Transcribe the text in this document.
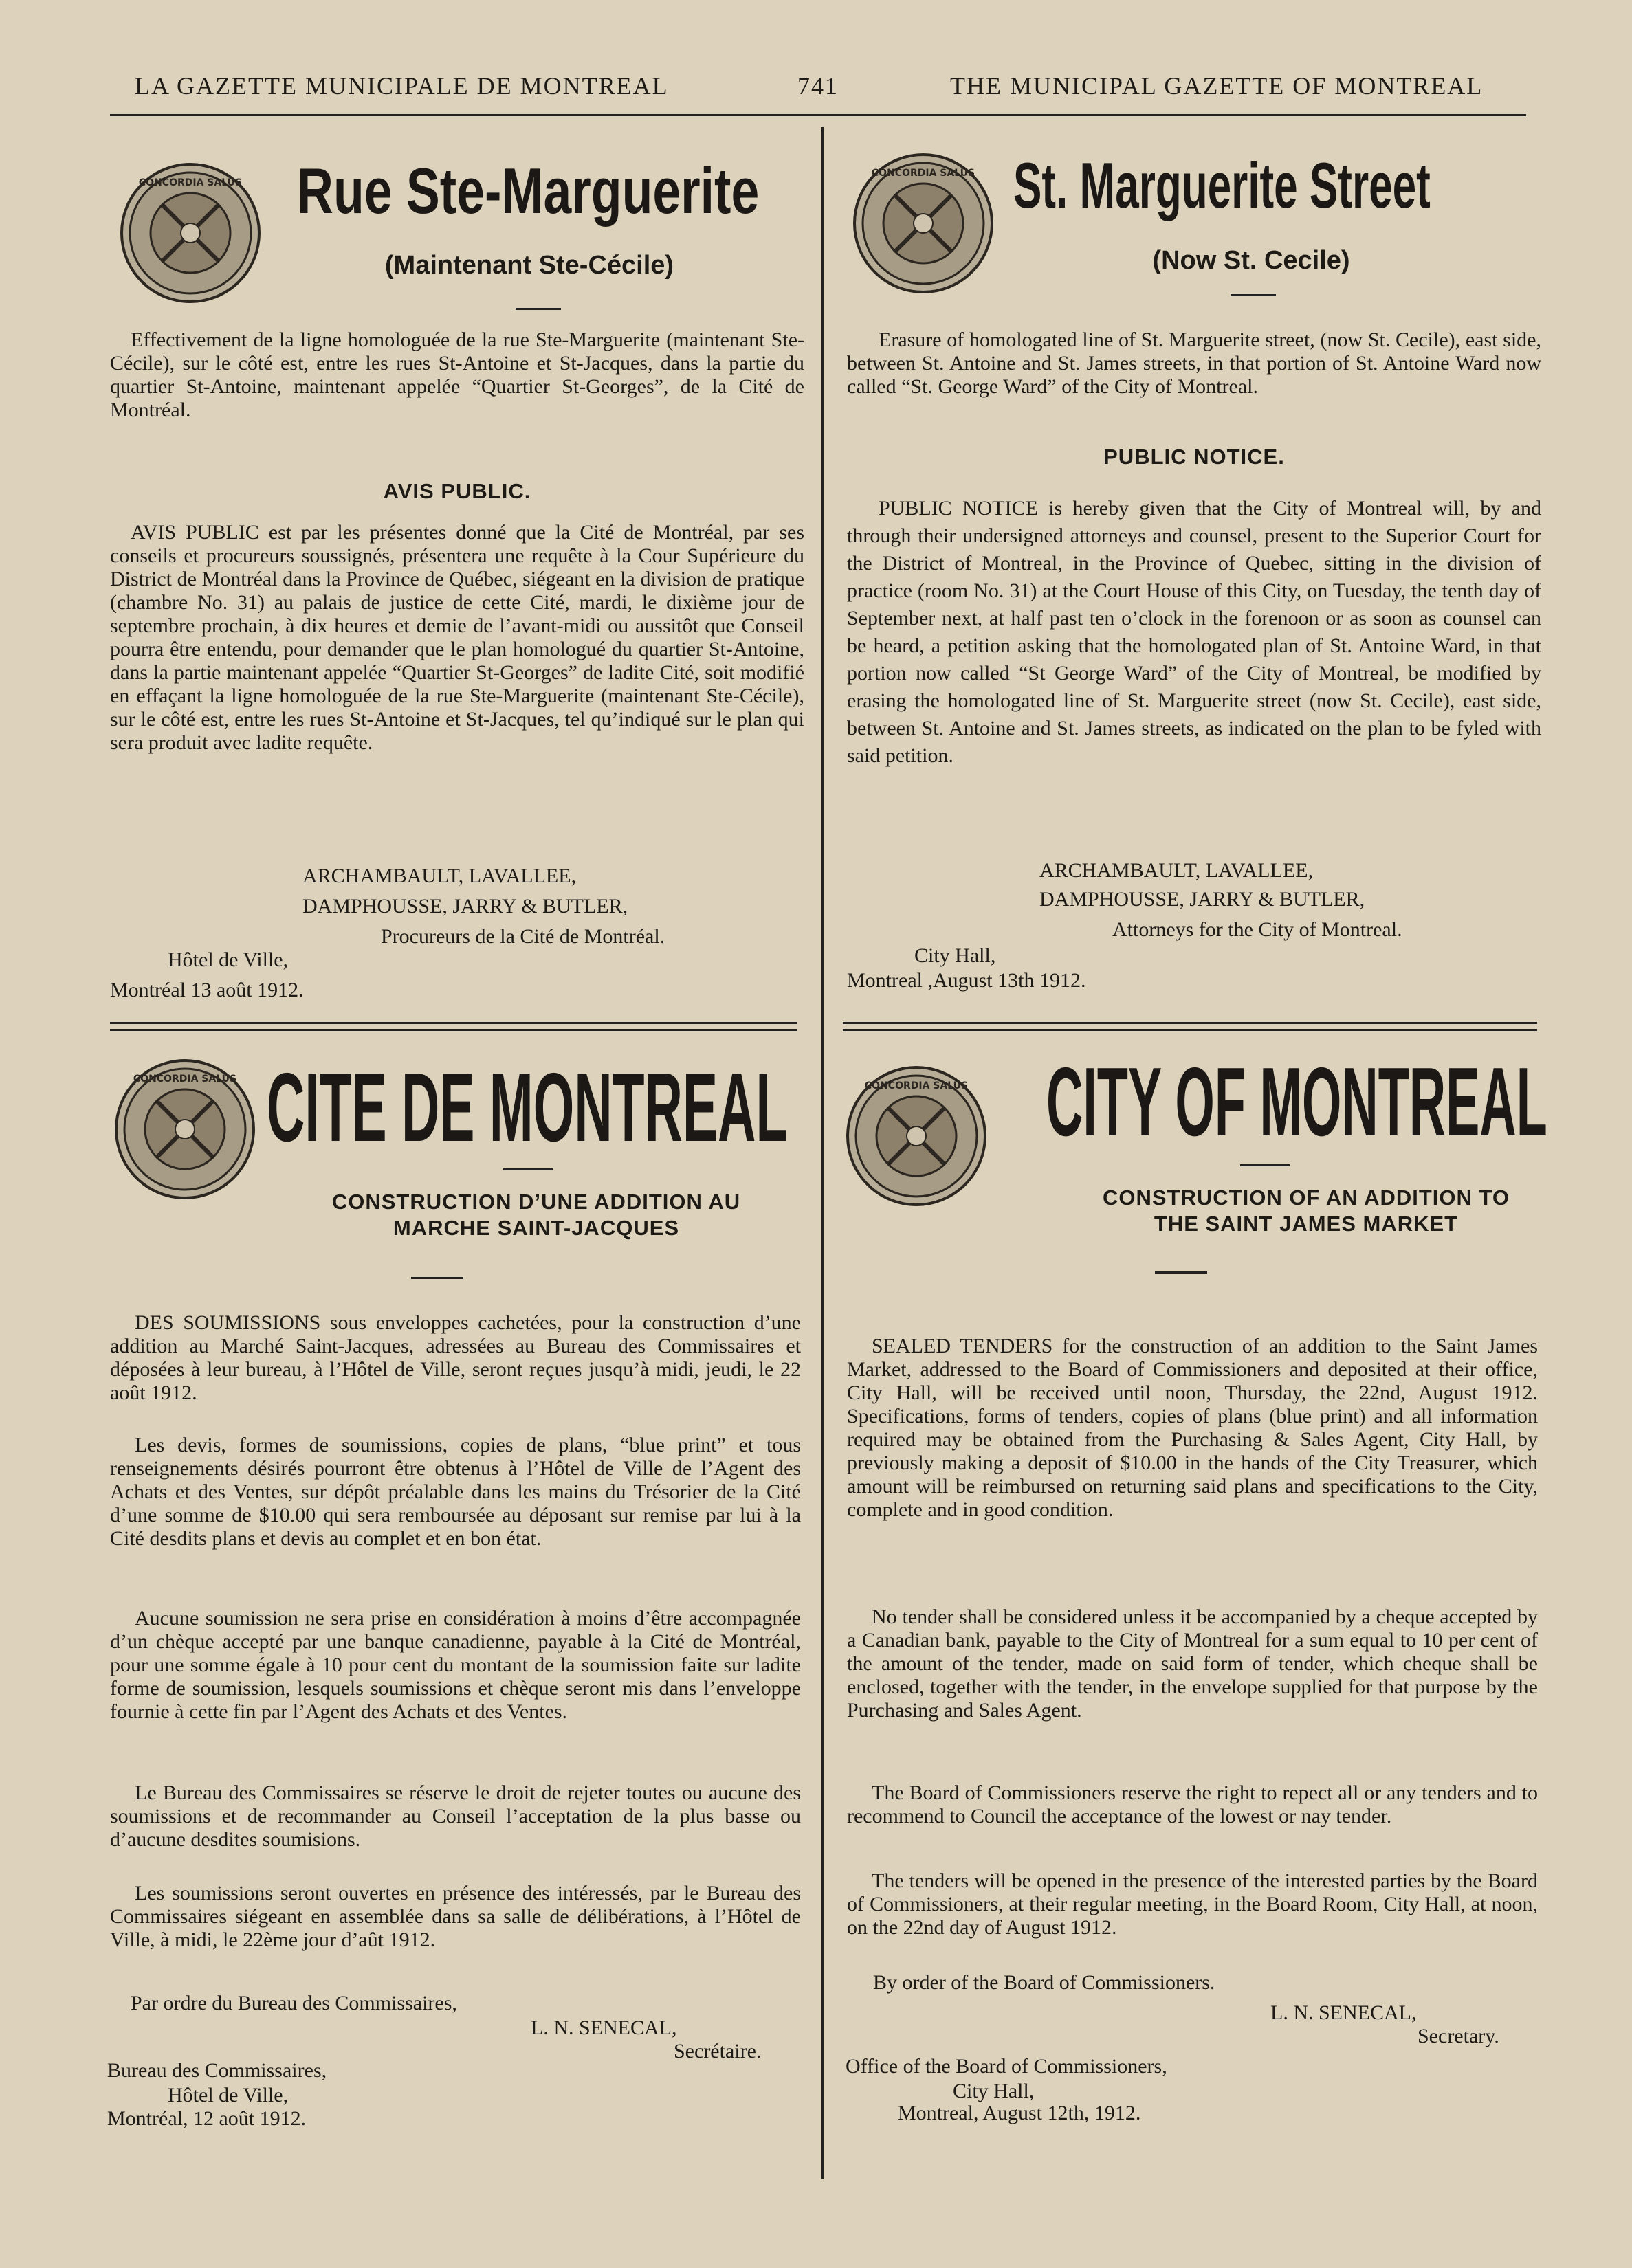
LA GAZETTE MUNICIPALE DE MONTREAL	741	THE MUNICIPAL GAZETTE OF MONTREAL
CONCORDIA SALUS Rue Ste-Marguerite
(Maintenant Ste-Cécile)
Effectivement de la ligne homologuée de la rue Ste-Marguerite (maintenant Ste-Cécile), sur le côté est, entre les rues St-Antoine et St-Jacques, dans la partie du quartier St-Antoine, maintenant appelée “Quartier St-Georges”, de la Cité de Montréal.
AVIS PUBLIC.
AVIS PUBLIC est par les présentes donné que la Cité de Montréal, par ses conseils et procureurs soussignés, présentera une requête à la Cour Supérieure du District de Montréal dans la Province de Québec, siégeant en la division de pratique (chambre No. 31) au palais de justice de cette Cité, mardi, le dixième jour de septembre prochain, à dix heures et demie de l’avant-midi ou aussitôt que Conseil pourra être entendu, pour demander que le plan homologué du quartier St-Antoine, dans la partie maintenant appelée “Quartier St-Georges” de ladite Cité, soit modifié en effaçant la ligne homologuée de la rue Ste-Marguerite (maintenant Ste-Cécile), sur le côté est, entre les rues St-Antoine et St-Jacques, tel qu’indiqué sur le plan qui sera produit avec ladite requête.
ARCHAMBAULT, LAVALLEE,
DAMPHOUSSE, JARRY & BUTLER,
Procureurs de la Cité de Montréal.
Hôtel de Ville,
Montréal 13 août 1912.
CONCORDIA SALUS St. Marguerite Street
(Now St. Cecile)
Erasure of homologated line of St. Marguerite street, (now St. Cecile), east side, between St. Antoine and St. James streets, in that portion of St. Antoine Ward now called “St. George Ward” of the City of Montreal.
PUBLIC NOTICE.
PUBLIC NOTICE is hereby given that the City of Montreal will, by and through their undersigned attorneys and counsel, present to the Superior Court for the District of Montreal, in the Province of Quebec, sitting in the division of practice (room No. 31) at the Court House of this City, on Tuesday, the tenth day of September next, at half past ten o’clock in the forenoon or as soon as counsel can be heard, a petition asking that the homologated plan of St. Antoine Ward, in that portion now called “St George Ward” of the City of Montreal, be modified by erasing the homologated line of St. Marguerite street (now St. Cecile), east side, between St. Antoine and St. James streets, as indicated on the plan to be fyled with said petition.
ARCHAMBAULT, LAVALLEE,
DAMPHOUSSE, JARRY & BUTLER,
Attorneys for the City of Montreal.
City Hall,
Montreal ,August 13th 1912.
CONCORDIA SALUS CITE DE MONTREAL
CONSTRUCTION D’UNE ADDITION AU MARCHE SAINT-JACQUES
DES SOUMISSIONS sous enveloppes cachetées, pour la construction d’une addition au Marché Saint-Jacques, adressées au Bureau des Commissaires et déposées à leur bureau, à l’Hôtel de Ville, seront reçues jusqu’à midi, jeudi, le 22 août 1912.
Les devis, formes de soumissions, copies de plans, “blue print” et tous renseignements désirés pourront être obtenus à l’Hôtel de Ville de l’Agent des Achats et des Ventes, sur dépôt préalable dans les mains du Trésorier de la Cité d’une somme de $10.00 qui sera remboursée au déposant sur remise par lui à la Cité desdits plans et devis au complet et en bon état.
Aucune soumission ne sera prise en considération à moins d’être accompagnée d’un chèque accepté par une banque canadienne, payable à la Cité de Montréal, pour une somme égale à 10 pour cent du montant de la soumission faite sur ladite forme de soumission, lesquels soumissions et chèque seront mis dans l’enveloppe fournie à cette fin par l’Agent des Achats et des Ventes.
Le Bureau des Commissaires se réserve le droit de rejeter toutes ou aucune des soumissions et de recommander au Conseil l’acceptation de la plus basse ou d’aucune desdites soumisions.
Les soumissions seront ouvertes en présence des intéressés, par le Bureau des Commissaires siégeant en assemblée dans sa salle de délibérations, à l’Hôtel de Ville, à midi, le 22ème jour d’aût 1912.
Par ordre du Bureau des Commissaires,
L. N. SENECAL,
Secrétaire.
Bureau des Commissaires,
Hôtel de Ville,
Montréal, 12 août 1912.
CONCORDIA SALUS CITY OF MONTREAL
CONSTRUCTION OF AN ADDITION TO THE SAINT JAMES MARKET
SEALED TENDERS for the construction of an addition to the Saint James Market, addressed to the Board of Commissioners and deposited at their office, City Hall, will be received until noon, Thursday, the 22nd, August 1912. Specifications, forms of tenders, copies of plans (blue print) and all information required may be obtained from the Purchasing & Sales Agent, City Hall, by previously making a deposit of $10.00 in the hands of the City Treasurer, which amount will be reimbursed on returning said plans and specifications to the City, complete and in good condition.
No tender shall be considered unless it be accompanied by a cheque accepted by a Canadian bank, payable to the City of Montreal for a sum equal to 10 per cent of the amount of the tender, made on said form of tender, which cheque shall be enclosed, together with the tender, in the envelope supplied for that purpose by the Purchasing and Sales Agent.
The Board of Commissioners reserve the right to repect all or any tenders and to recommend to Council the acceptance of the lowest or nay tender.
The tenders will be opened in the presence of the interested parties by the Board of Commissioners, at their regular meeting, in the Board Room, City Hall, at noon, on the 22nd day of August 1912.
By order of the Board of Commissioners.
L. N. SENECAL,
Secretary.
Office of the Board of Commissioners,
City Hall,
Montreal, August 12th, 1912.
